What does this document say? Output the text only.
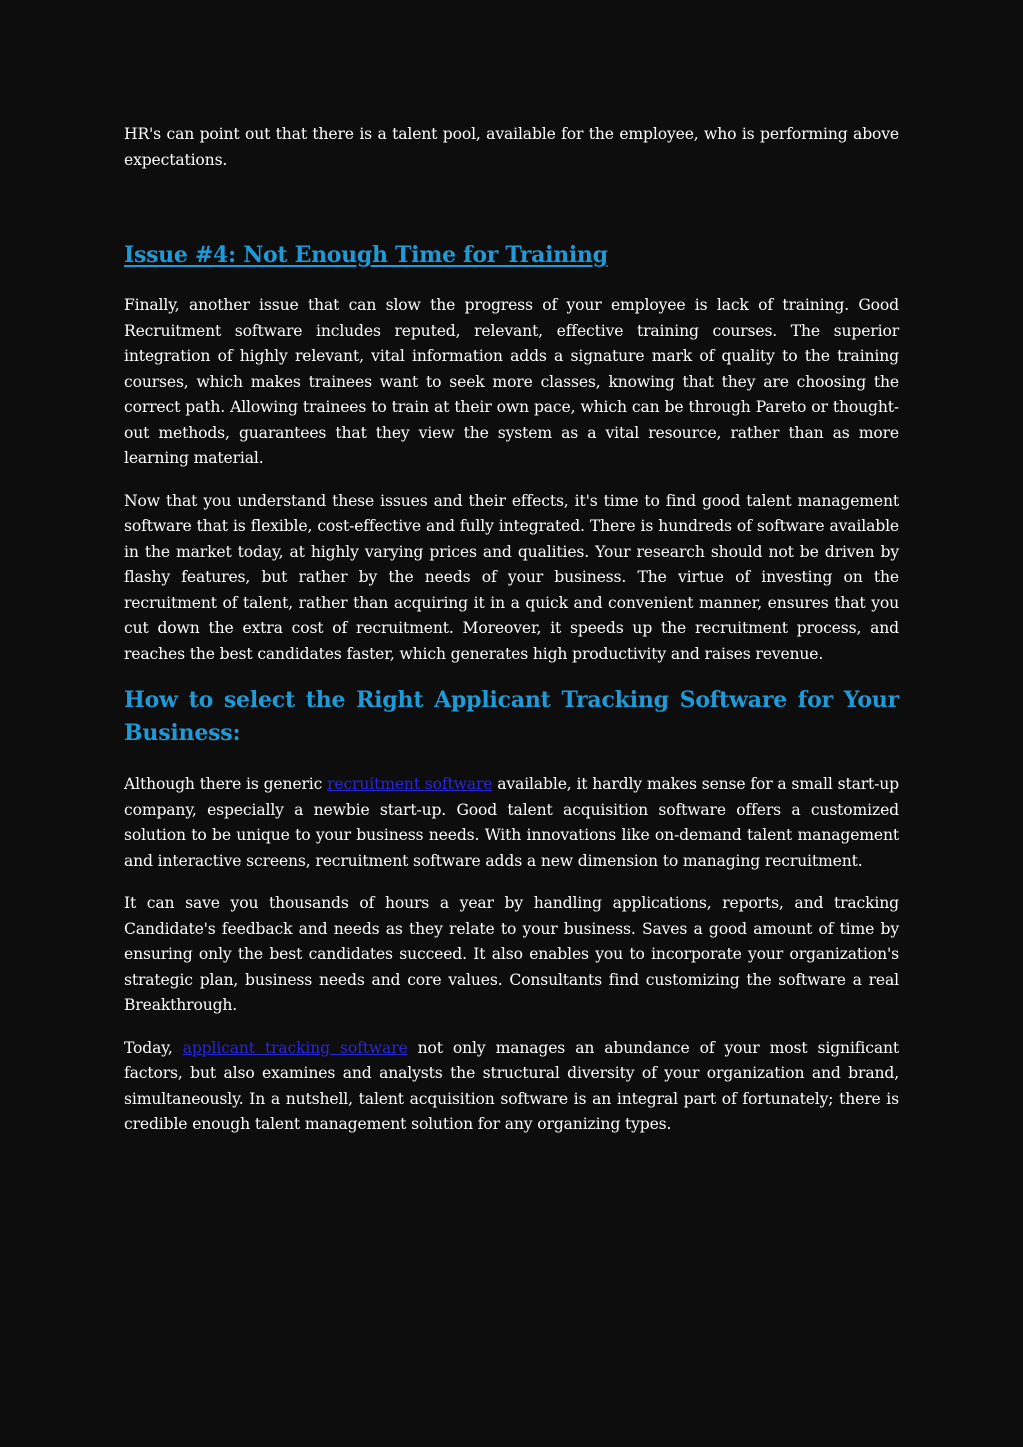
HR's can point out that there is a talent pool, available for the employee, who is performing above expectations.

Issue #4: Not Enough Time for Training

Finally, another issue that can slow the progress of your employee is lack of training. Good Recruitment software includes reputed, relevant, effective training courses. The superior integration of highly relevant, vital information adds a signature mark of quality to the training courses, which makes trainees want to seek more classes, knowing that they are choosing the correct path. Allowing trainees to train at their own pace, which can be through Pareto or thought-out methods, guarantees that they view the system as a vital resource, rather than as more learning material.

Now that you understand these issues and their effects, it's time to find good talent management software that is flexible, cost-effective and fully integrated. There is hundreds of software available in the market today, at highly varying prices and qualities. Your research should not be driven by flashy features, but rather by the needs of your business. The virtue of investing on the recruitment of talent, rather than acquiring it in a quick and convenient manner, ensures that you cut down the extra cost of recruitment. Moreover, it speeds up the recruitment process, and reaches the best candidates faster, which generates high productivity and raises revenue.

How to select the Right Applicant Tracking Software for Your Business:

Although there is generic recruitment software available, it hardly makes sense for a small start-up company, especially a newbie start-up. Good talent acquisition software offers a customized solution to be unique to your business needs. With innovations like on-demand talent management and interactive screens, recruitment software adds a new dimension to managing recruitment.

It can save you thousands of hours a year by handling applications, reports, and tracking Candidate's feedback and needs as they relate to your business. Saves a good amount of time by ensuring only the best candidates succeed. It also enables you to incorporate your organization's strategic plan, business needs and core values. Consultants find customizing the software a real Breakthrough.

Today, applicant tracking software not only manages an abundance of your most significant factors, but also examines and analysts the structural diversity of your organization and brand, simultaneously. In a nutshell, talent acquisition software is an integral part of fortunately; there is credible enough talent management solution for any organizing types.
